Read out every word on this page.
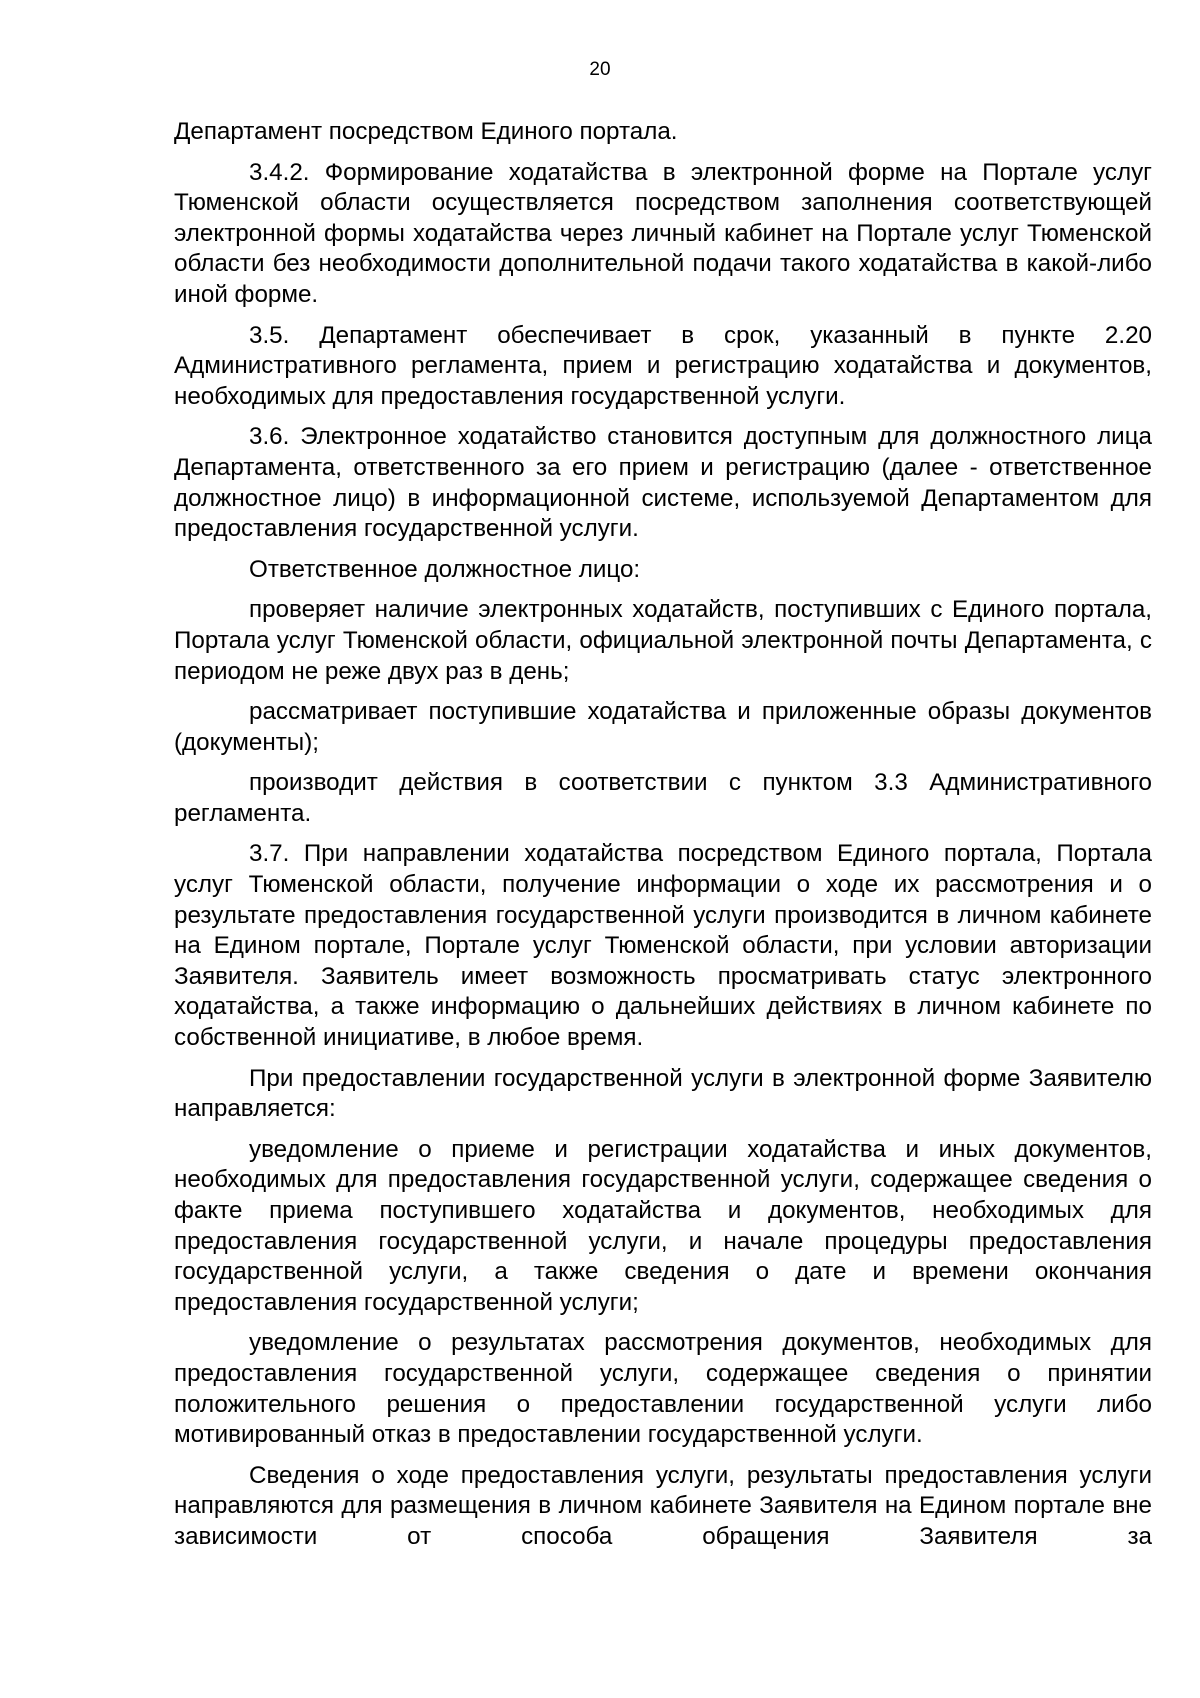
20

Департамент посредством Единого портала.

3.4.2. Формирование ходатайства в электронной форме на Портале услуг Тюменской области осуществляется посредством заполнения соответствующей электронной формы ходатайства через личный кабинет на Портале услуг Тюменской области без необходимости дополнительной подачи такого ходатайства в какой-либо иной форме.

3.5. Департамент обеспечивает в срок, указанный в пункте 2.20 Административного регламента, прием и регистрацию ходатайства и документов, необходимых для предоставления государственной услуги.

3.6. Электронное ходатайство становится доступным для должностного лица Департамента, ответственного за его прием и регистрацию (далее - ответственное должностное лицо) в информационной системе, используемой Департаментом для предоставления государственной услуги.

Ответственное должностное лицо:

проверяет наличие электронных ходатайств, поступивших с Единого портала, Портала услуг Тюменской области, официальной электронной почты Департамента, с периодом не реже двух раз в день;

рассматривает поступившие ходатайства и приложенные образы документов (документы);

производит действия в соответствии с пунктом 3.3 Административного регламента.

3.7. При направлении ходатайства посредством Единого портала, Портала услуг Тюменской области, получение информации о ходе их рассмотрения и о результате предоставления государственной услуги производится в личном кабинете на Едином портале, Портале услуг Тюменской области, при условии авторизации Заявителя. Заявитель имеет возможность просматривать статус электронного ходатайства, а также информацию о дальнейших действиях в личном кабинете по собственной инициативе, в любое время.

При предоставлении государственной услуги в электронной форме Заявителю направляется:

уведомление о приеме и регистрации ходатайства и иных документов, необходимых для предоставления государственной услуги, содержащее сведения о факте приема поступившего ходатайства и документов, необходимых для предоставления государственной услуги, и начале процедуры предоставления государственной услуги, а также сведения о дате и времени окончания предоставления государственной услуги;

уведомление о результатах рассмотрения документов, необходимых для предоставления государственной услуги, содержащее сведения о принятии положительного решения о предоставлении государственной услуги либо мотивированный отказ в предоставлении государственной услуги.

Сведения о ходе предоставления услуги, результаты предоставления услуги направляются для размещения в личном кабинете Заявителя на Едином портале вне зависимости от способа обращения Заявителя за
